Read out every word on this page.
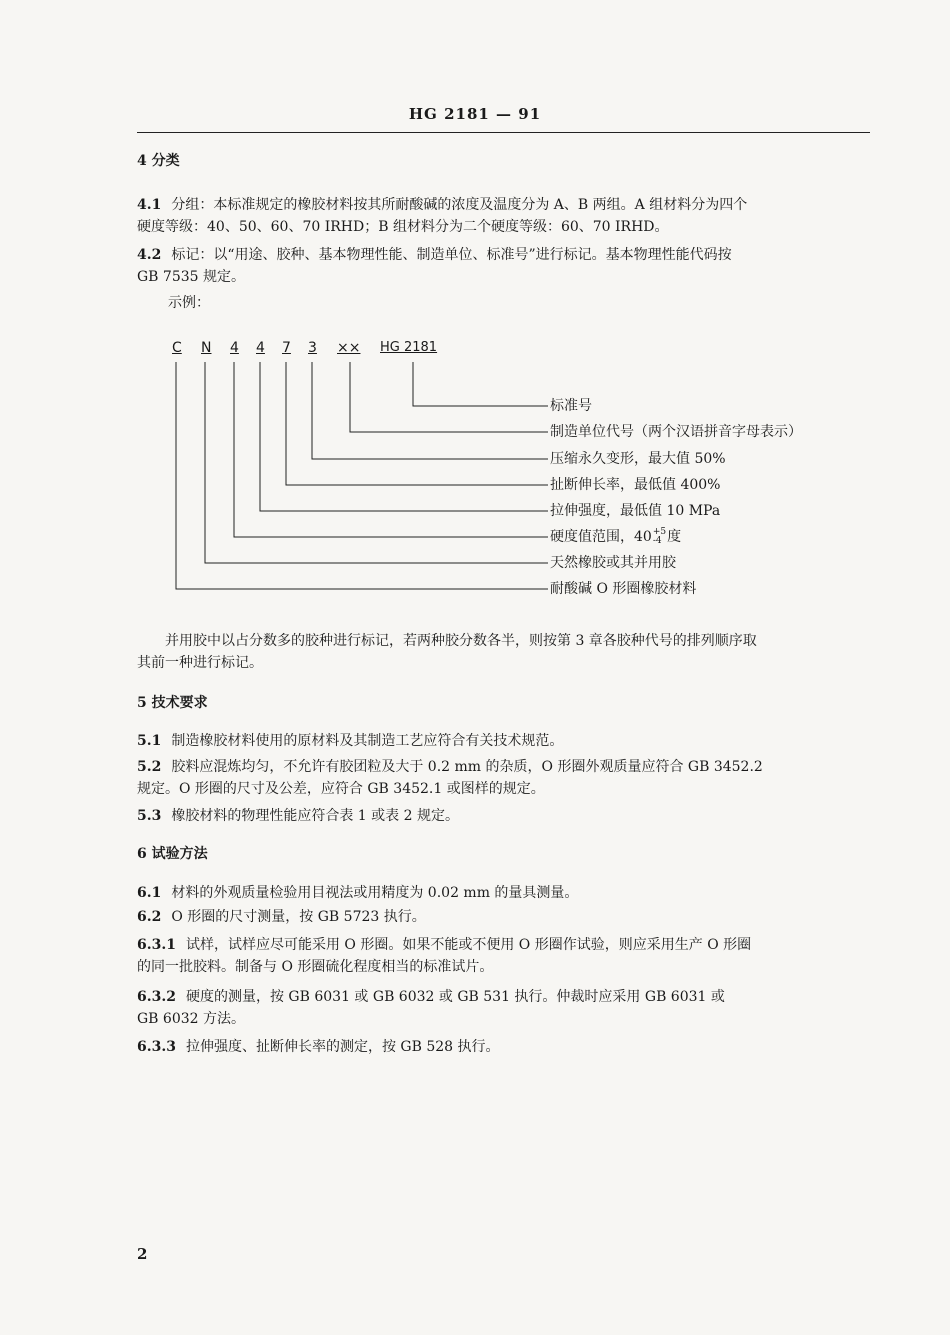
HG 2181 — 91
4 分类
4.1 分组：本标准规定的橡胶材料按其所耐酸碱的浓度及温度分为 A、B 两组。A 组材料分为四个
硬度等级：40、50、60、70 IRHD；B 组材料分为二个硬度等级：60、70 IRHD。
4.2 标记：以“用途、胶种、基本物理性能、制造单位、标准号”进行标记。基本物理性能代码按
GB 7535 规定。
示例：
C N 4 4 7 3 ×× HG 2181
标准号
制造单位代号（两个汉语拼音字母表示）
压缩永久变形，最大值 50%
扯断伸长率，最低值 400%
拉伸强度，最低值 10 MPa
硬度值范围，40 +5
-4 度
天然橡胶或其并用胶
耐酸碱 O 形圈橡胶材料
并用胶中以占分数多的胶种进行标记，若两种胶分数各半，则按第 3 章各胶种代号的排列顺序取
其前一种进行标记。
5 技术要求
5.1 制造橡胶材料使用的原材料及其制造工艺应符合有关技术规范。
5.2 胶料应混炼均匀，不允许有胶团粒及大于 0.2 mm 的杂质，O 形圈外观质量应符合 GB 3452.2
规定。O 形圈的尺寸及公差，应符合 GB 3452.1 或图样的规定。
5.3 橡胶材料的物理性能应符合表 1 或表 2 规定。
6 试验方法
6.1 材料的外观质量检验用目视法或用精度为 0.02 mm 的量具测量。
6.2 O 形圈的尺寸测量，按 GB 5723 执行。
6.3.1 试样，试样应尽可能采用 O 形圈。如果不能或不便用 O 形圈作试验，则应采用生产 O 形圈
的同一批胶料。制备与 O 形圈硫化程度相当的标准试片。
6.3.2 硬度的测量，按 GB 6031 或 GB 6032 或 GB 531 执行。仲裁时应采用 GB 6031 或
GB 6032 方法。
6.3.3 拉伸强度、扯断伸长率的测定，按 GB 528 执行。
2
